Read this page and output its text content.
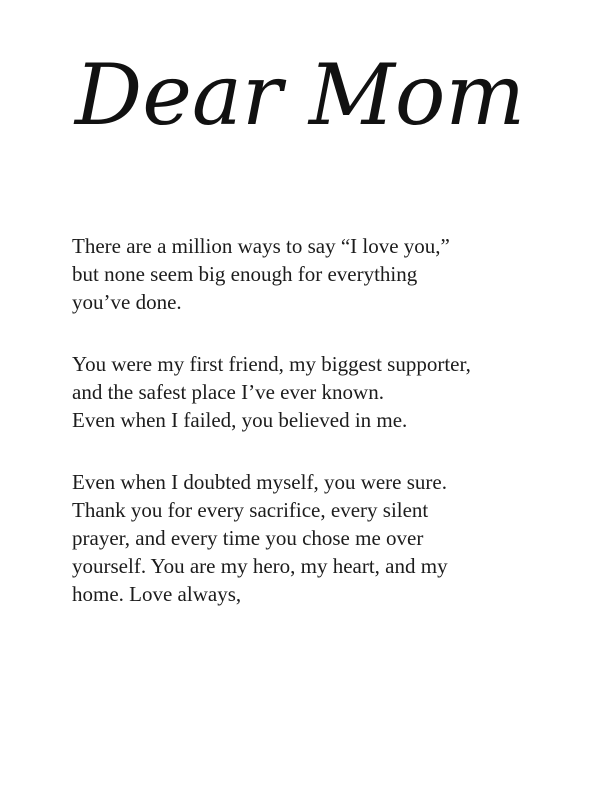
Dear Mom

There are a million ways to say “I love you,”
but none seem big enough for everything
you’ve done.

You were my first friend, my biggest supporter,
and the safest place I’ve ever known.
Even when I failed, you believed in me.

Even when I doubted myself, you were sure.
Thank you for every sacrifice, every silent
prayer, and every time you chose me over
yourself. You are my hero, my heart, and my
home. Love always,
